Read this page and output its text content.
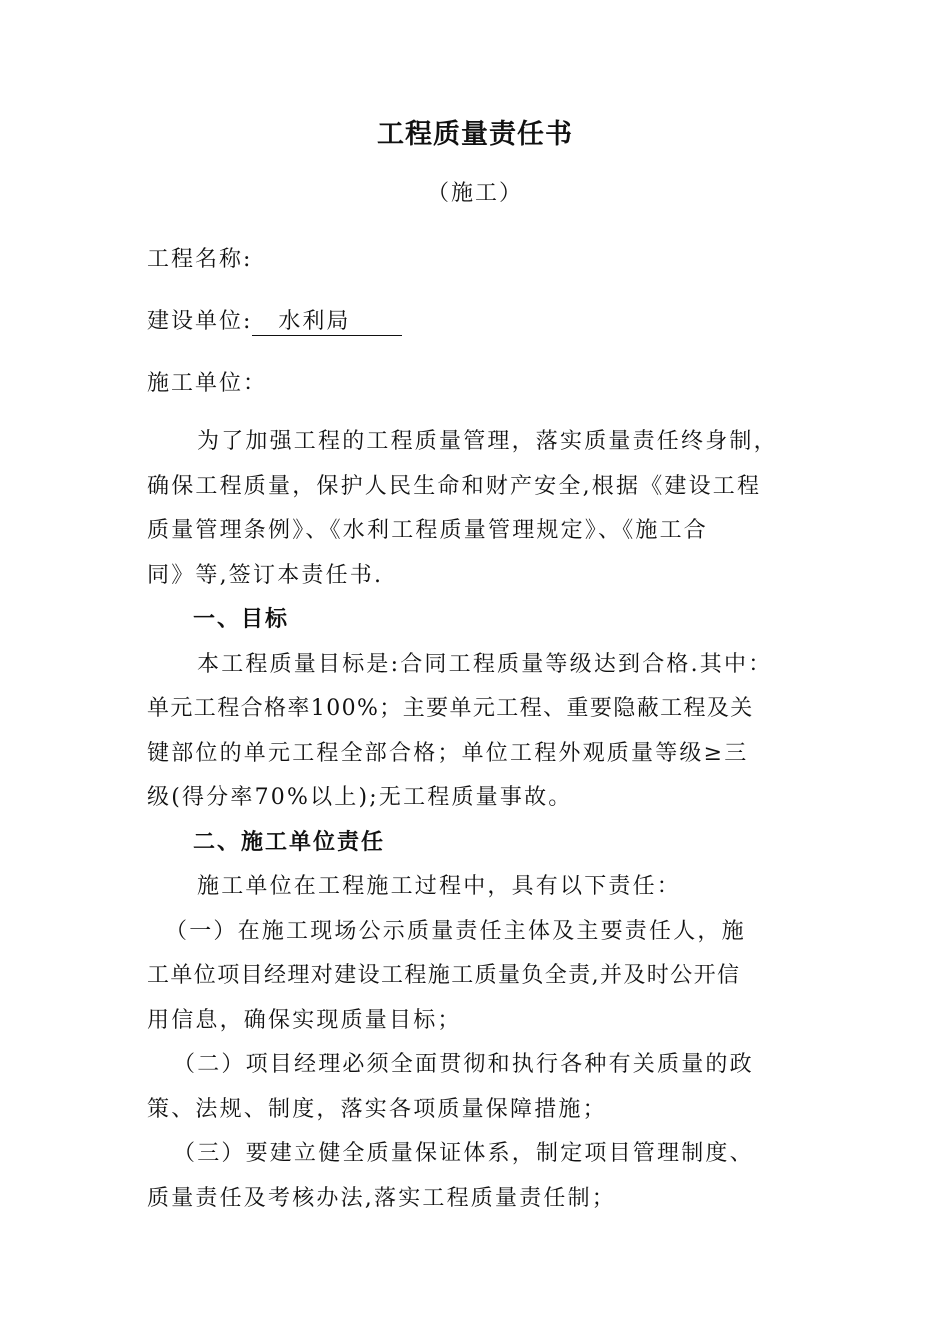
工程质量责任书
（施工）
工程名称:
建设单位: 水利局
施工单位：

为了加强工程的工程质量管理，落实质量责任终身制，

确保工程质量，保护人民生命和财产安全,根据《建设工程

质量管理条例》、《水利工程质量管理规定》、《施工合

同》等,签订本责任书.

一、目标

本工程质量目标是:合同工程质量等级达到合格.其中：

单元工程合格率100%；主要单元工程、重要隐蔽工程及关

键部位的单元工程全部合格；单位工程外观质量等级≥三

级(得分率70%以上);无工程质量事故。

二、施工单位责任

施工单位在工程施工过程中，具有以下责任：

（一）在施工现场公示质量责任主体及主要责任人，施

工单位项目经理对建设工程施工质量负全责,并及时公开信

用信息，确保实现质量目标；

（二）项目经理必须全面贯彻和执行各种有关质量的政

策、法规、制度，落实各项质量保障措施；

（三）要建立健全质量保证体系，制定项目管理制度、

质量责任及考核办法,落实工程质量责任制；
